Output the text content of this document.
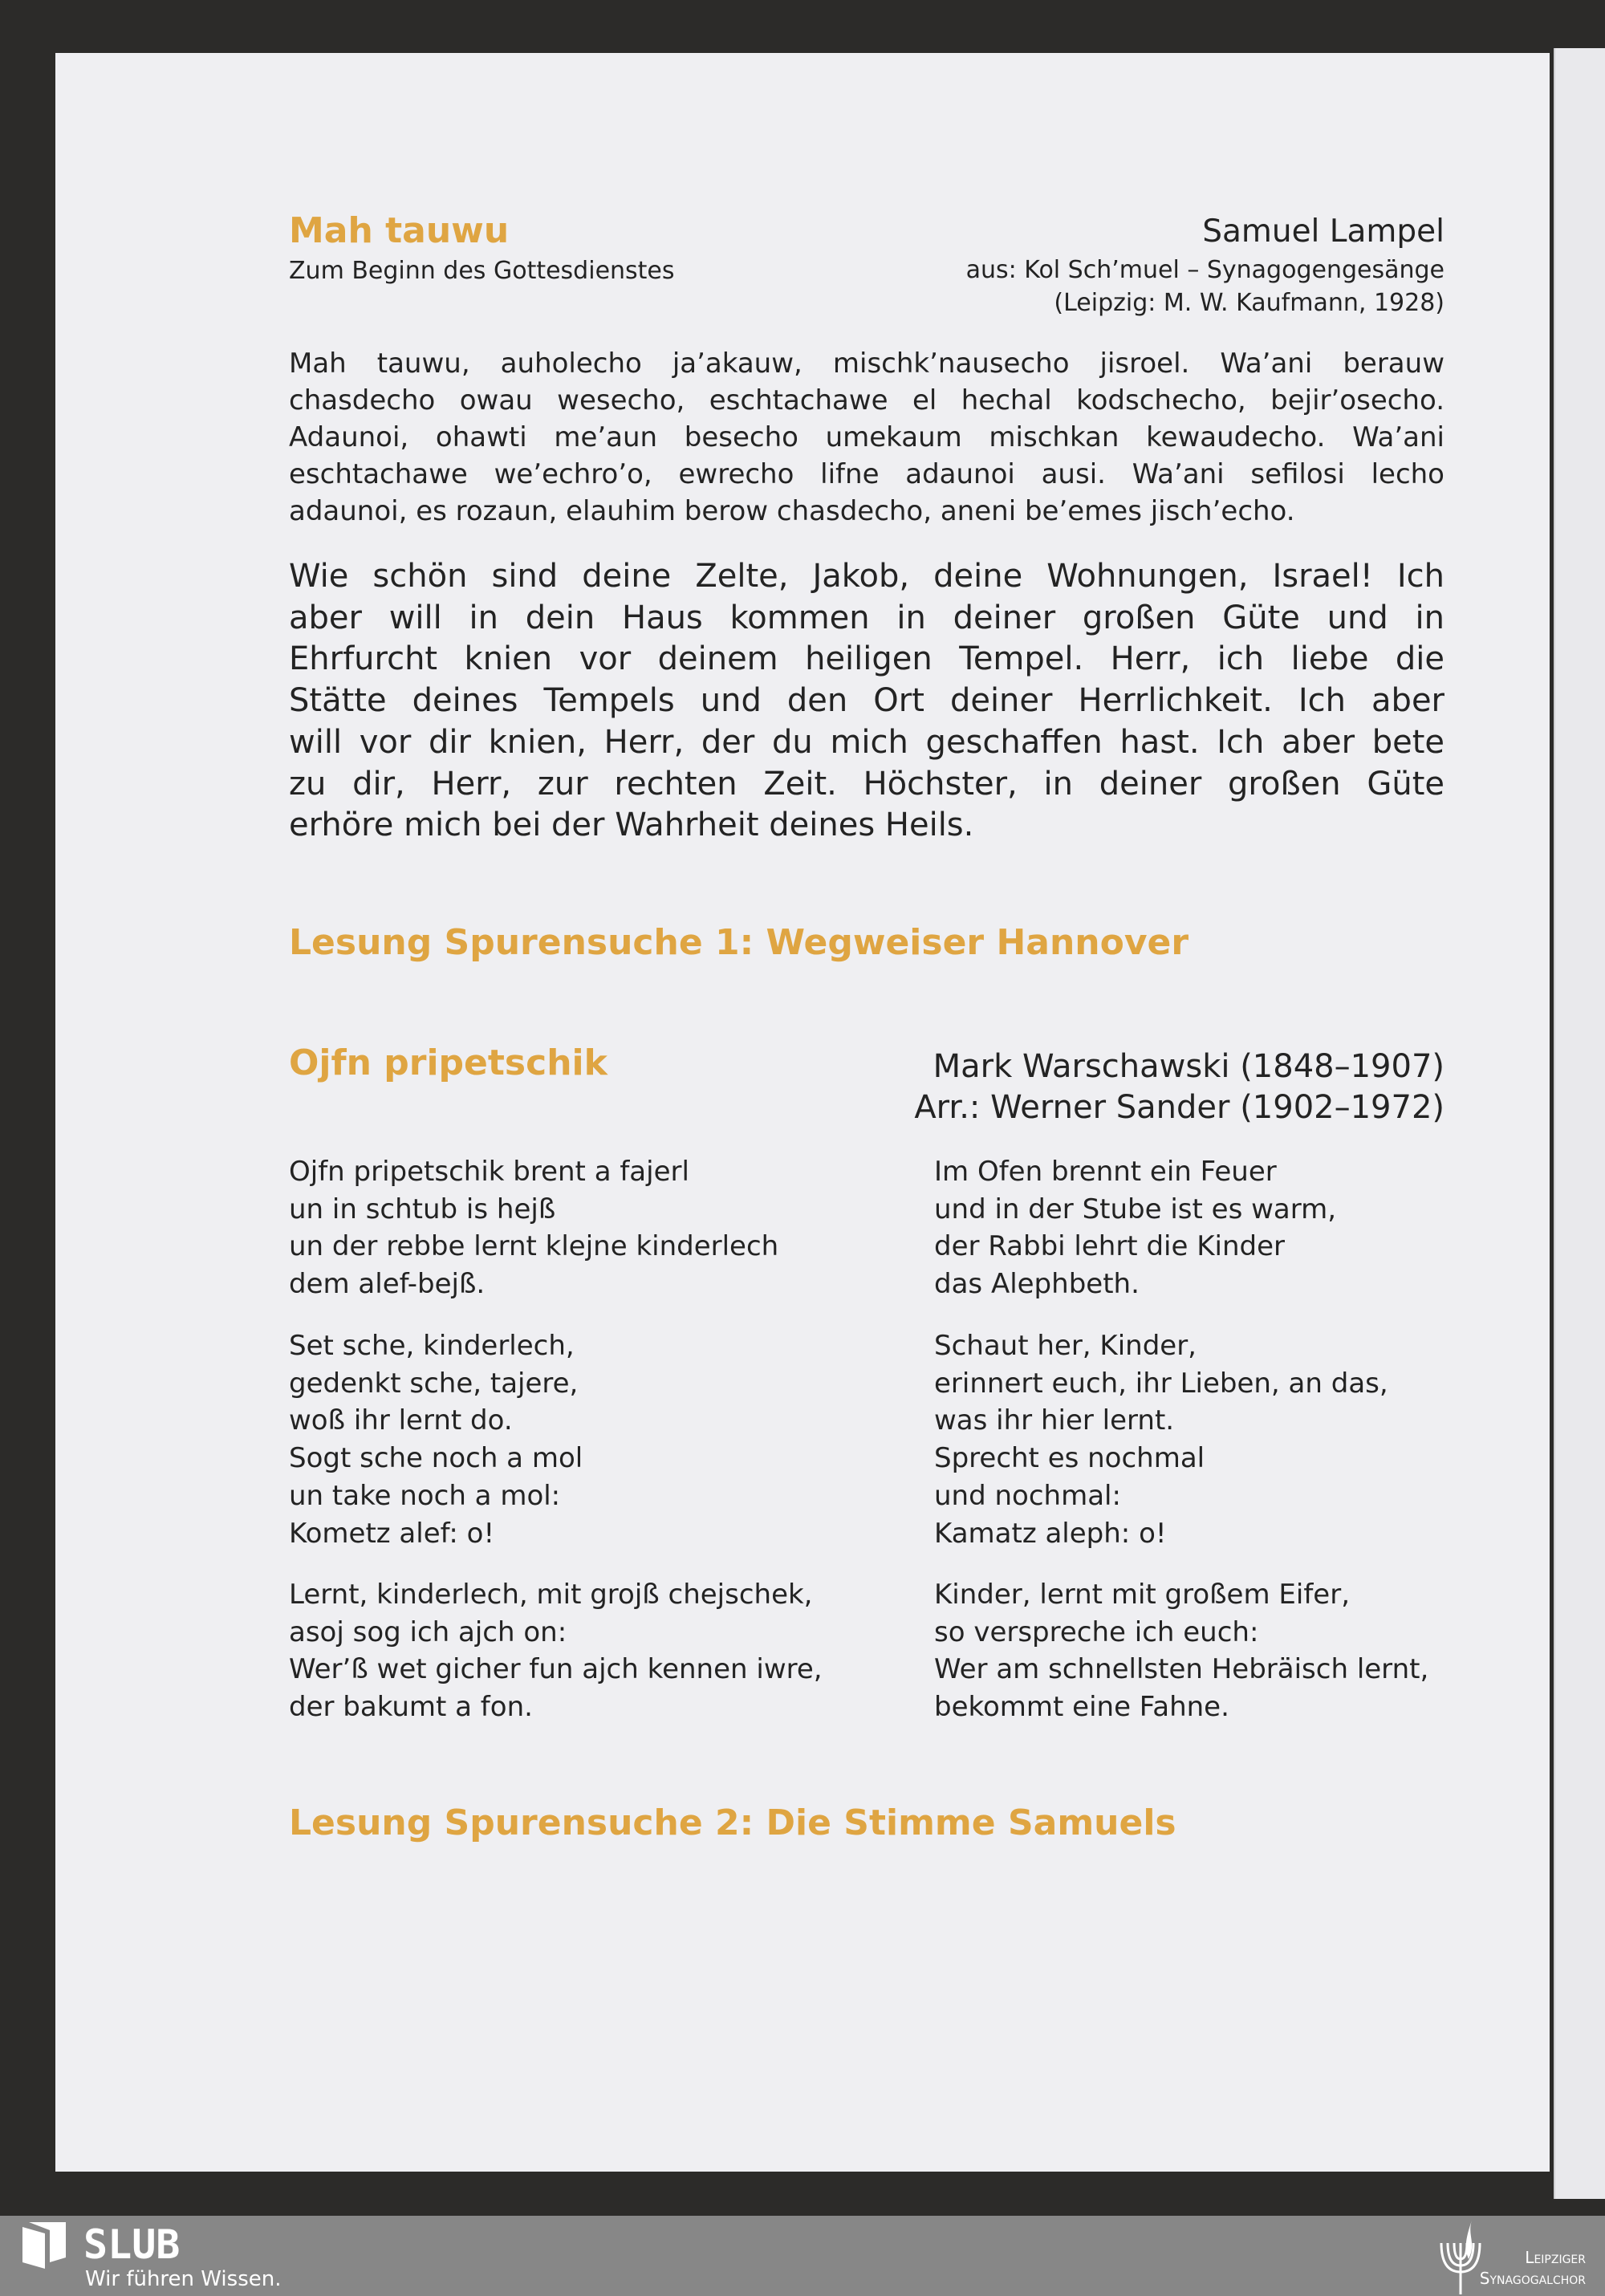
Mah tauwu
Zum Beginn des Gottesdienstes
Samuel Lampel
aus: Kol Sch’muel – Synagogengesänge
(Leipzig: M. W. Kaufmann, 1928)
Mah tauwu, auholecho ja’akauw, mischk’nausecho jisroel. Wa’ani berauw
chasdecho owau wesecho, eschtachawe el hechal kodschecho, bejir’osecho.
Adaunoi, ohawti me’aun besecho umekaum mischkan kewaudecho. Wa’ani
eschtachawe we’echro’o, ewrecho lifne adaunoi ausi. Wa’ani sefilosi lecho
adaunoi, es rozaun, elauhim berow chasdecho, aneni be’emes jisch’echo.
Wie schön sind deine Zelte, Jakob, deine Wohnungen, Israel! Ich
aber will in dein Haus kommen in deiner großen Güte und in
Ehrfurcht knien vor deinem heiligen Tempel. Herr, ich liebe die
Stätte deines Tempels und den Ort deiner Herrlichkeit. Ich aber
will vor dir knien, Herr, der du mich geschaffen hast. Ich aber bete
zu dir, Herr, zur rechten Zeit. Höchster, in deiner großen Güte
erhöre mich bei der Wahrheit deines Heils.
Lesung Spurensuche 1: Wegweiser Hannover
Ojfn pripetschik	Mark Warschawski (1848–1907)
Arr.: Werner Sander (1902–1972)
Ojfn pripetschik brent a fajerl
un in schtub is hejß
un der rebbe lernt klejne kinderlech
dem alef-bejß.
Set sche, kinderlech,
gedenkt sche, tajere,
woß ihr lernt do.
Sogt sche noch a mol
un take noch a mol:
Kometz alef: o!
Lernt, kinderlech, mit grojß chejschek,
asoj sog ich ajch on:
Wer’ß wet gicher fun ajch kennen iwre,
der bakumt a fon.
Im Ofen brennt ein Feuer
und in der Stube ist es warm,
der Rabbi lehrt die Kinder
das Alephbeth.
Schaut her, Kinder,
erinnert euch, ihr Lieben, an das,
was ihr hier lernt.
Sprecht es nochmal
und nochmal:
Kamatz aleph: o!
Kinder, lernt mit großem Eifer,
so verspreche ich euch:
Wer am schnellsten Hebräisch lernt,
bekommt eine Fahne.
Lesung Spurensuche 2: Die Stimme Samuels
SLUB
Wir führen Wissen.
Leipziger
Synagogalchor
